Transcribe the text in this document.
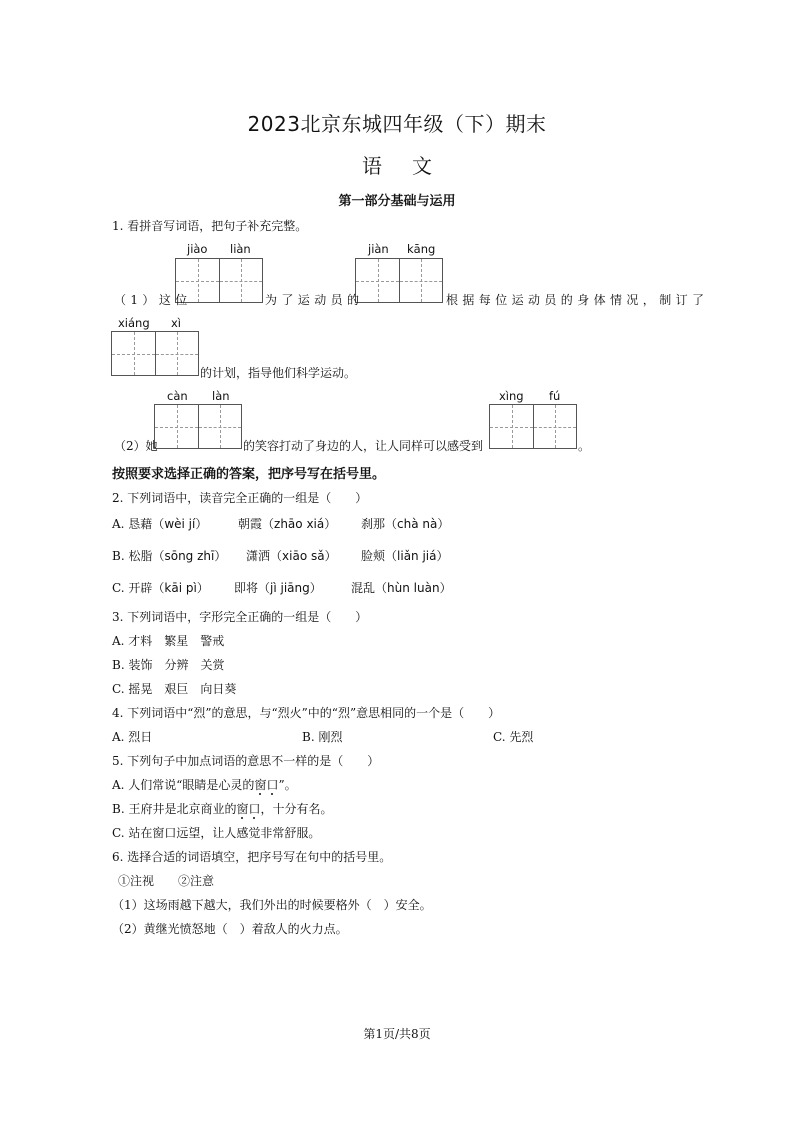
2023北京东城四年级（下）期末
语文
第一部分基础与运用
1. 看拼音写词语，把句子补充完整。
jiào liàn	jiàn kāng
（1）这位	为了运动员的	根据每位运动员的身体情况，制订了
xiáng xì
的计划，指导他们科学运动。
càn làn	xìng fú
（2）她	的笑容打动了身边的人，让人同样可以感受到	。
按照要求选择正确的答案，把序号写在括号里。
2. 下列词语中，读音完全正确的一组是（　　）
A. 恳藉（wèi jí）	朝霞（zhāo xiá） 刹那（chà nà）
B. 松脂（sōng zhī） 潇洒（xiāo sǎ） 脸颊（liǎn jiá）
C. 开辟（kāi pì） 即将（jì jiāng） 混乱（hùn luàn）
3. 下列词语中，字形完全正确的一组是（　　）
A. 才料　繁星　警戒
B. 装饰　分辨　关赏
C. 摇晃　艰巨　向日葵
4. 下列词语中“烈”的意思，与“烈火”中的“烈”意思相同的一个是（　　）
A. 烈日	B. 刚烈	C. 先烈
5. 下列句子中加点词语的意思不一样的是（　　）
A. 人们常说“眼睛是心灵的窗口”。
B. 王府井是北京商业的窗口，十分有名。
C. 站在窗口远望，让人感觉非常舒服。
6. 选择合适的词语填空，把序号写在句中的括号里。
①注视　　②注意
（1）这场雨越下越大，我们外出的时候要格外（　）安全。
（2）黄继光愤怒地（　）着敌人的火力点。
第1页/共8页
